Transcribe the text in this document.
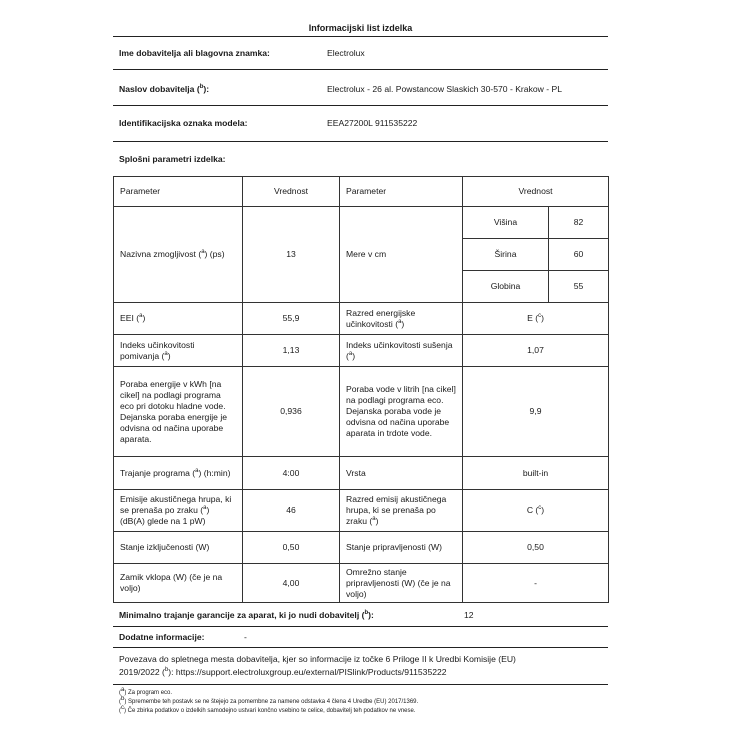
Informacijski list izdelka
Ime dobavitelja ali blagovna znamka:	Electrolux
Naslov dobavitelja ($^b$):	Electrolux - 26 al. Powstancow Slaskich 30-570 - Krakow - PL
Identifikacijska oznaka modela:	EEA27200L 911535222
Splošni parametri izdelka:
Parameter	Vrednost	Parameter	Vrednost	
Nazivna zmogljivost ($^a$) (ps)	13	Mere v cm	Višina	82
			Širina	60
			Globina	55
EEI ($^a$)	55,9	Razred energijske učinkovitosti ($^a$)	E ($^c$)	
Indeks učinkovitosti pomivanja ($^a$)	1,13	Indeks učinkovitosti sušenja ($^a$)	1,07	
Poraba energije v kWh [na cikel] na podlagi programa eco pri dotoku hladne vode. Dejanska poraba energije je odvisna od načina uporabe aparata.	0,936	Poraba vode v litrih [na cikel] na podlagi programa eco. Dejanska poraba vode je odvisna od načina uporabe aparata in trdote vode.	9,9	
Trajanje programa ($^a$) (h:min)	4:00	Vrsta	built-in	
Emisije akustičnega hrupa, ki se prenaša po zraku ($^a$) (dB(A) glede na 1 pW)	46	Razred emisij akustičnega hrupa, ki se prenaša po zraku ($^a$)	C ($^c$)	
Stanje izključenosti (W)	0,50	Stanje pripravljenosti (W)	0,50	
Zamik vklopa (W) (če je na voljo)	4,00	Omrežno stanje pripravljenosti (W) (če je na voljo)	-	
Minimalno trajanje garancije za aparat, ki jo nudi dobavitelj ($^b$):	12
Dodatne informacije:	-
Povezava do spletnega mesta dobavitelja, kjer so informacije iz točke 6 Priloge II k Uredbi Komisije (EU)
2019/2022 ($^b$): https://support.electroluxgroup.eu/external/PISlink/Products/911535222
($^a$) Za program eco.
($^b$) Spremembe teh postavk se ne štejejo za pomembne za namene odstavka 4 člena 4 Uredbe (EU) 2017/1369.
($^c$) Če zbirka podatkov o izdelkih samodejno ustvari končno vsebino te celice, dobavitelj teh podatkov ne vnese.
